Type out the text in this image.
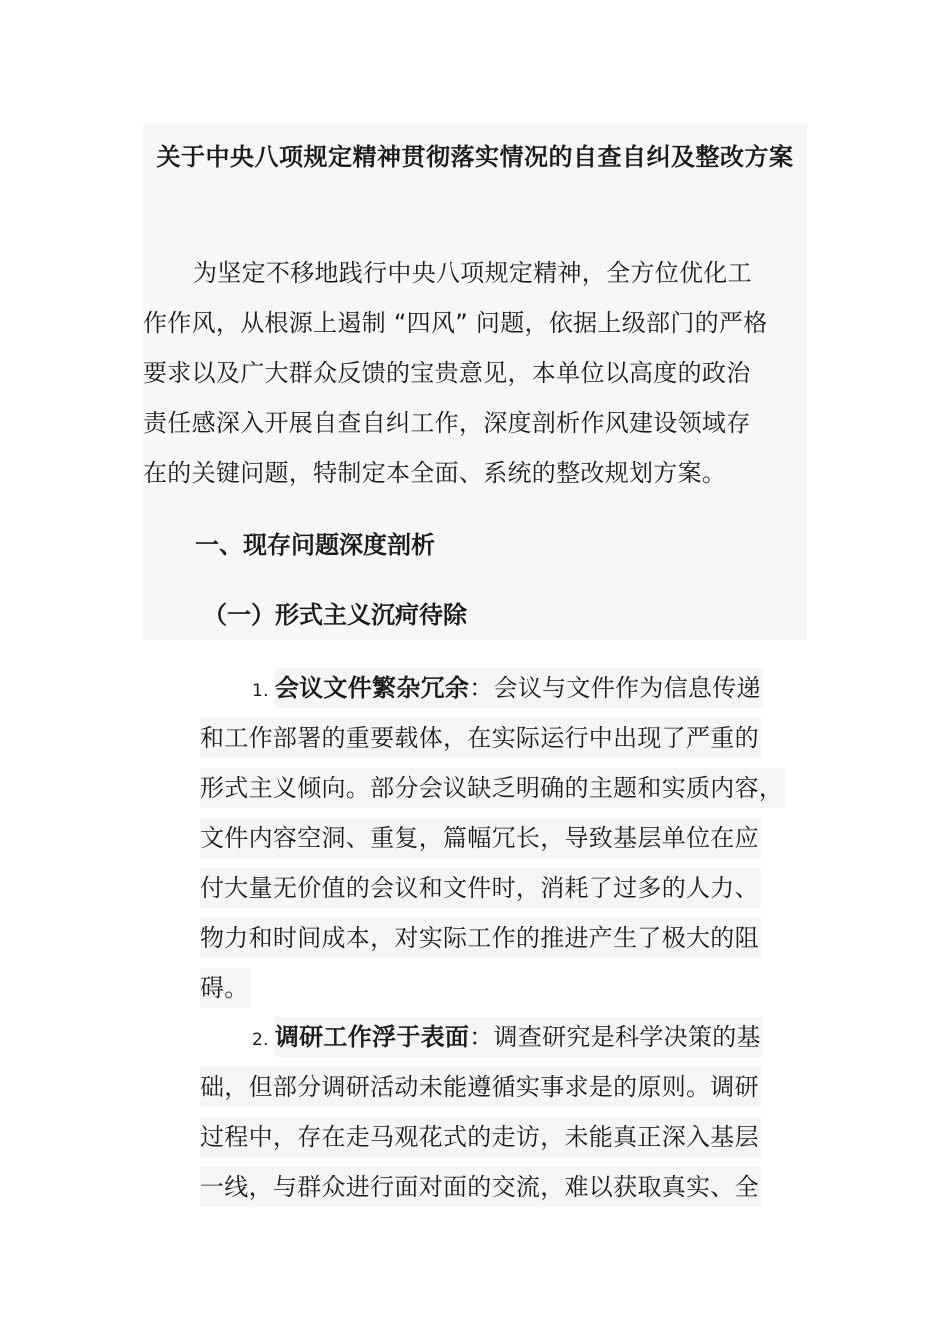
关于中央八项规定精神贯彻落实情况的自查自纠及整改方案

为坚定不移地践行中央八项规定精神，全方位优化工
作作风，从根源上遏制 “四风” 问题，依据上级部门的严格
要求以及广大群众反馈的宝贵意见，本单位以高度的政治
责任感深入开展自查自纠工作，深度剖析作风建设领域存
在的关键问题，特制定本全面、系统的整改规划方案。

一、现存问题深度剖析
（一）形式主义沉疴待除
1. 会议文件繁杂冗余：会议与文件作为信息传递
和工作部署的重要载体，在实际运行中出现了严重的
形式主义倾向。部分会议缺乏明确的主题和实质内容，
文件内容空洞、重复，篇幅冗长，导致基层单位在应
付大量无价值的会议和文件时，消耗了过多的人力、
物力和时间成本，对实际工作的推进产生了极大的阻
碍。
2. 调研工作浮于表面：调查研究是科学决策的基
础，但部分调研活动未能遵循实事求是的原则。调研
过程中，存在走马观花式的走访，未能真正深入基层
一线，与群众进行面对面的交流，难以获取真实、全
